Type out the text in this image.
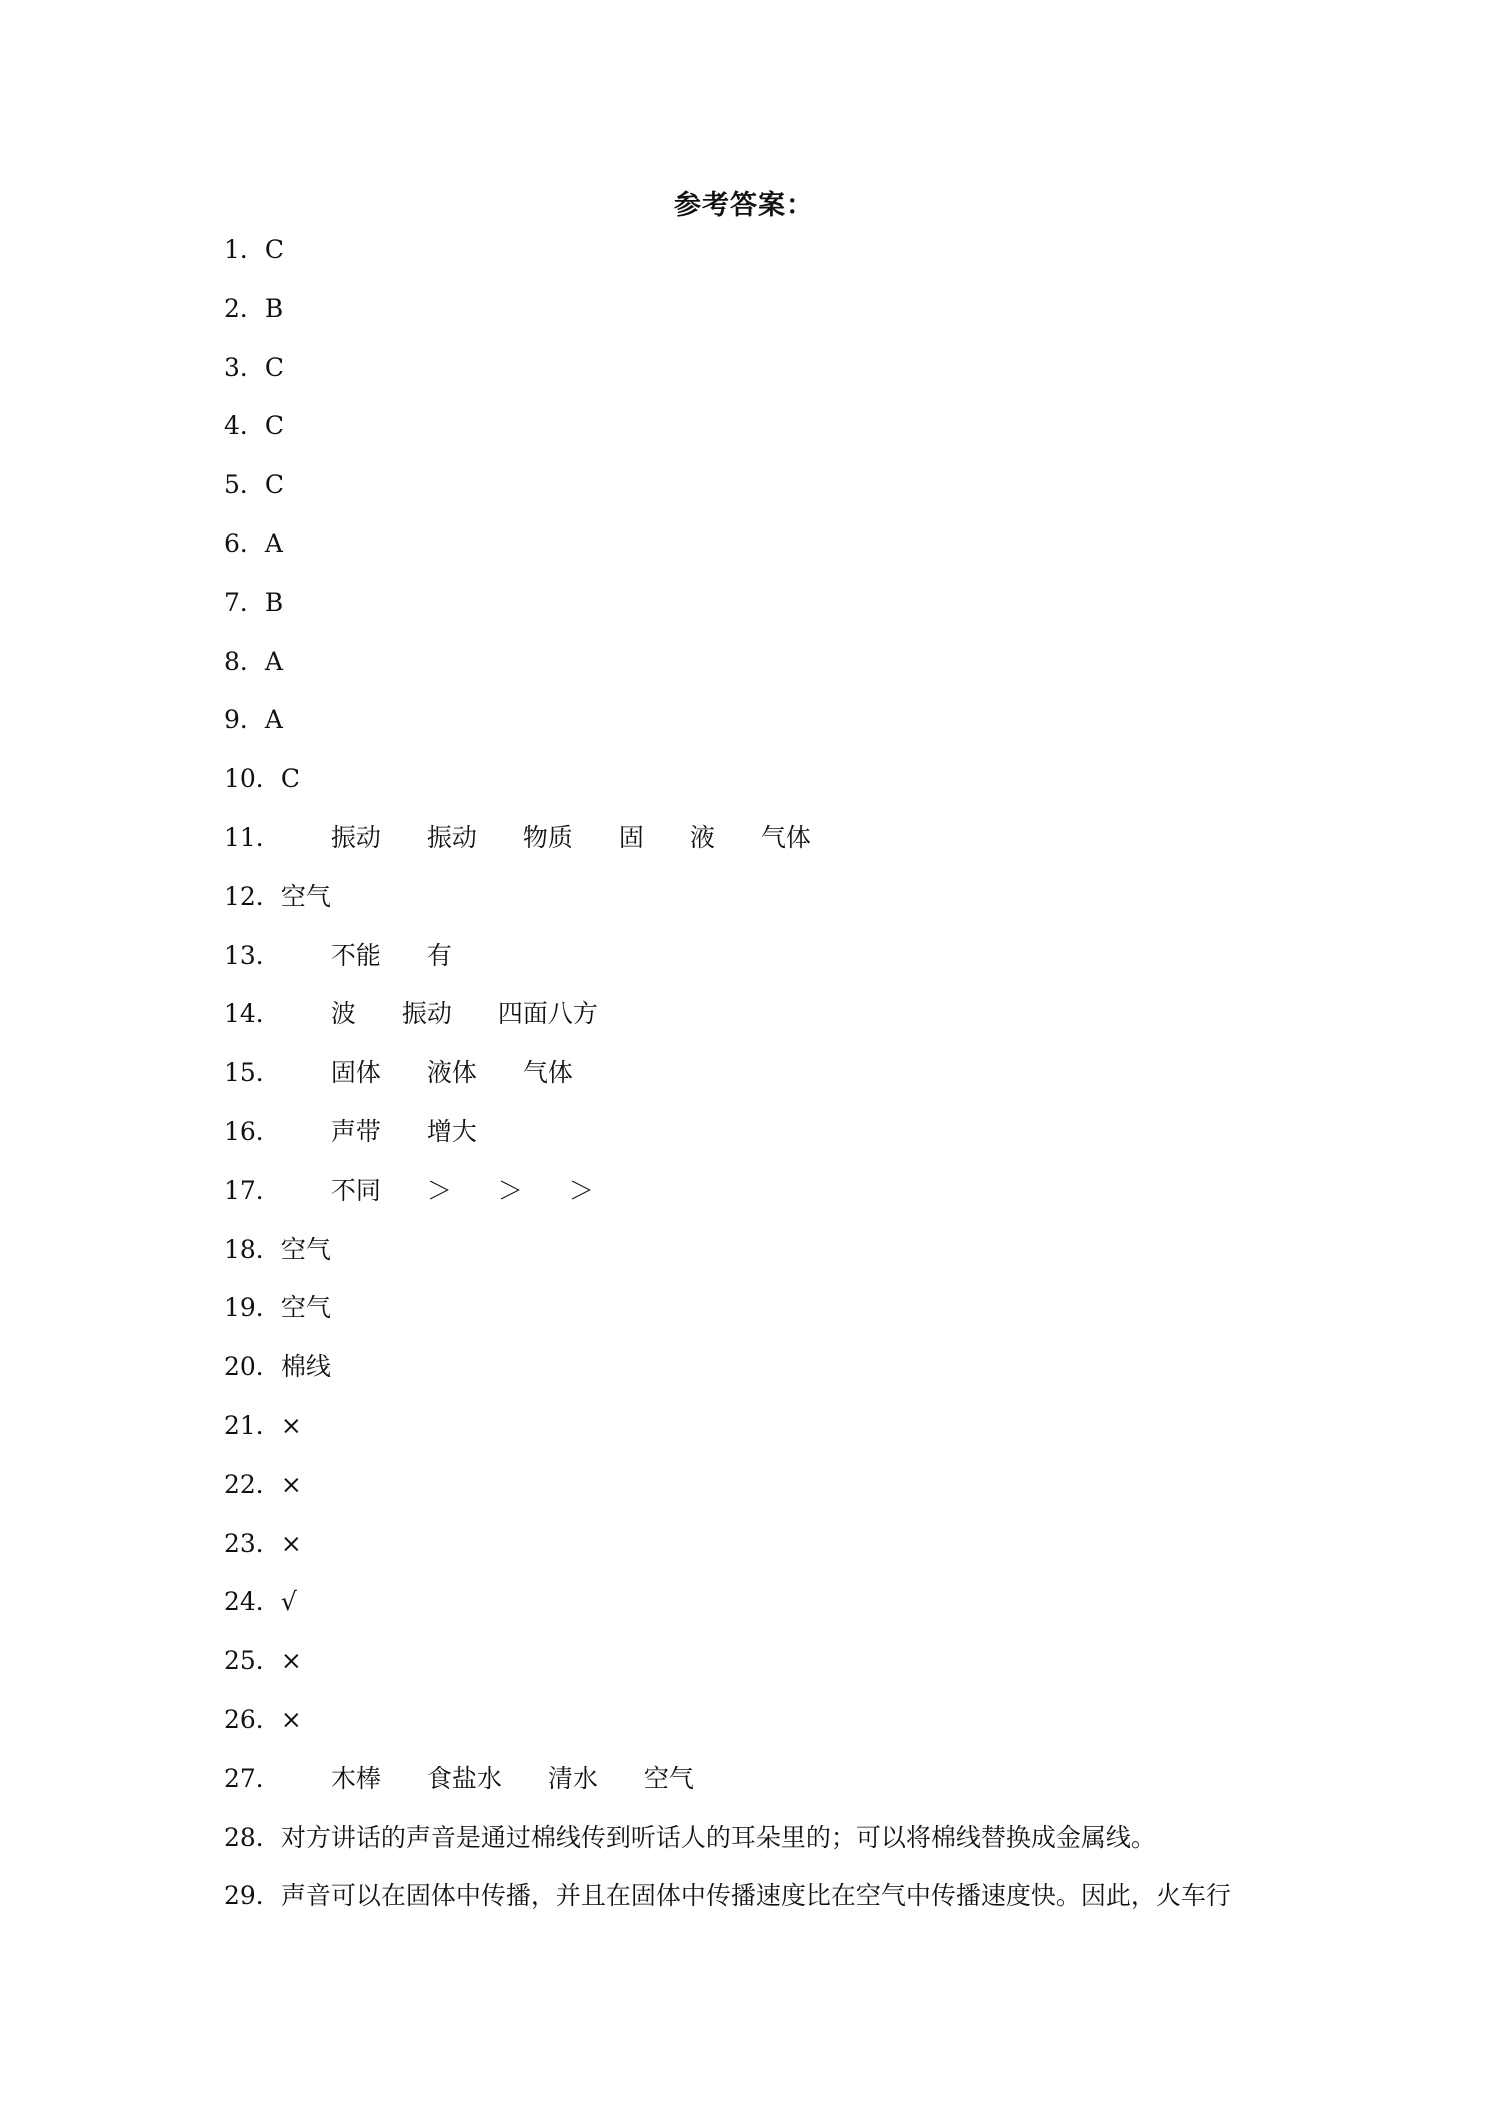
参考答案：
1． C
2． B
3． C
4． C
5． C
6． A
7． B
8． A
9． A
10． C
11． 振动 振动 物质 固 液 气体
12． 空气
13． 不能 有
14． 波 振动 四面八方
15． 固体 液体 气体
16． 声带 增大
17． 不同 ＞ ＞ ＞
18． 空气
19． 空气
20． 棉线
21． ×
22． ×
23． ×
24． √
25． ×
26． ×
27． 木棒 食盐水 清水 空气
28． 对方讲话的声音是通过棉线传到听话人的耳朵里的；可以将棉线替换成金属线。
29． 声音可以在固体中传播，并且在固体中传播速度比在空气中传播速度快。因此，火车行
